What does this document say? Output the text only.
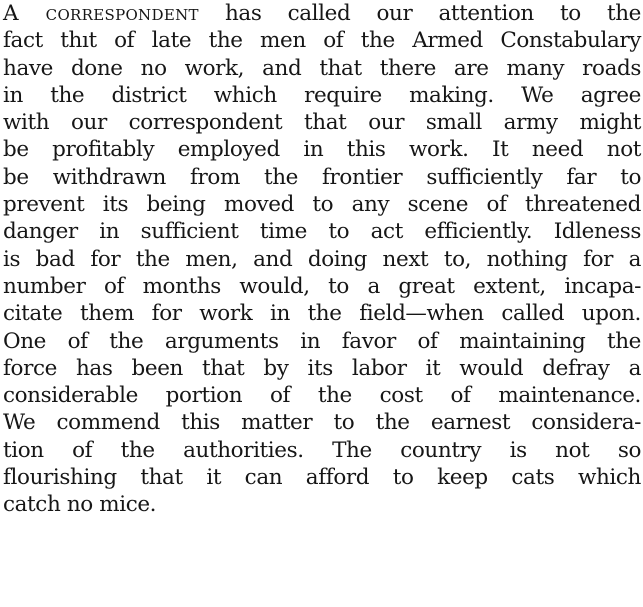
A correspondent has called our attention to the
fact thıt of late the men of the Armed Constabulary
have done no work, and that there are many roads
in the district which require making. We agree
with our correspondent that our small army might
be profitably employed in this work. It need not
be withdrawn from the frontier sufficiently far to
prevent its being moved to any scene of threatened
danger in sufficient time to act efficiently. Idleness
is bad for the men, and doing next to, nothing for a
number of months would, to a great extent, incapa-
citate them for work in the field—when called upon.
One of the arguments in favor of maintaining the
force has been that by its labor it would defray a
considerable portion of the cost of maintenance.
We commend this matter to the earnest considera-
tion of the authorities. The country is not so
flourishing that it can afford to keep cats which
catch no mice.
